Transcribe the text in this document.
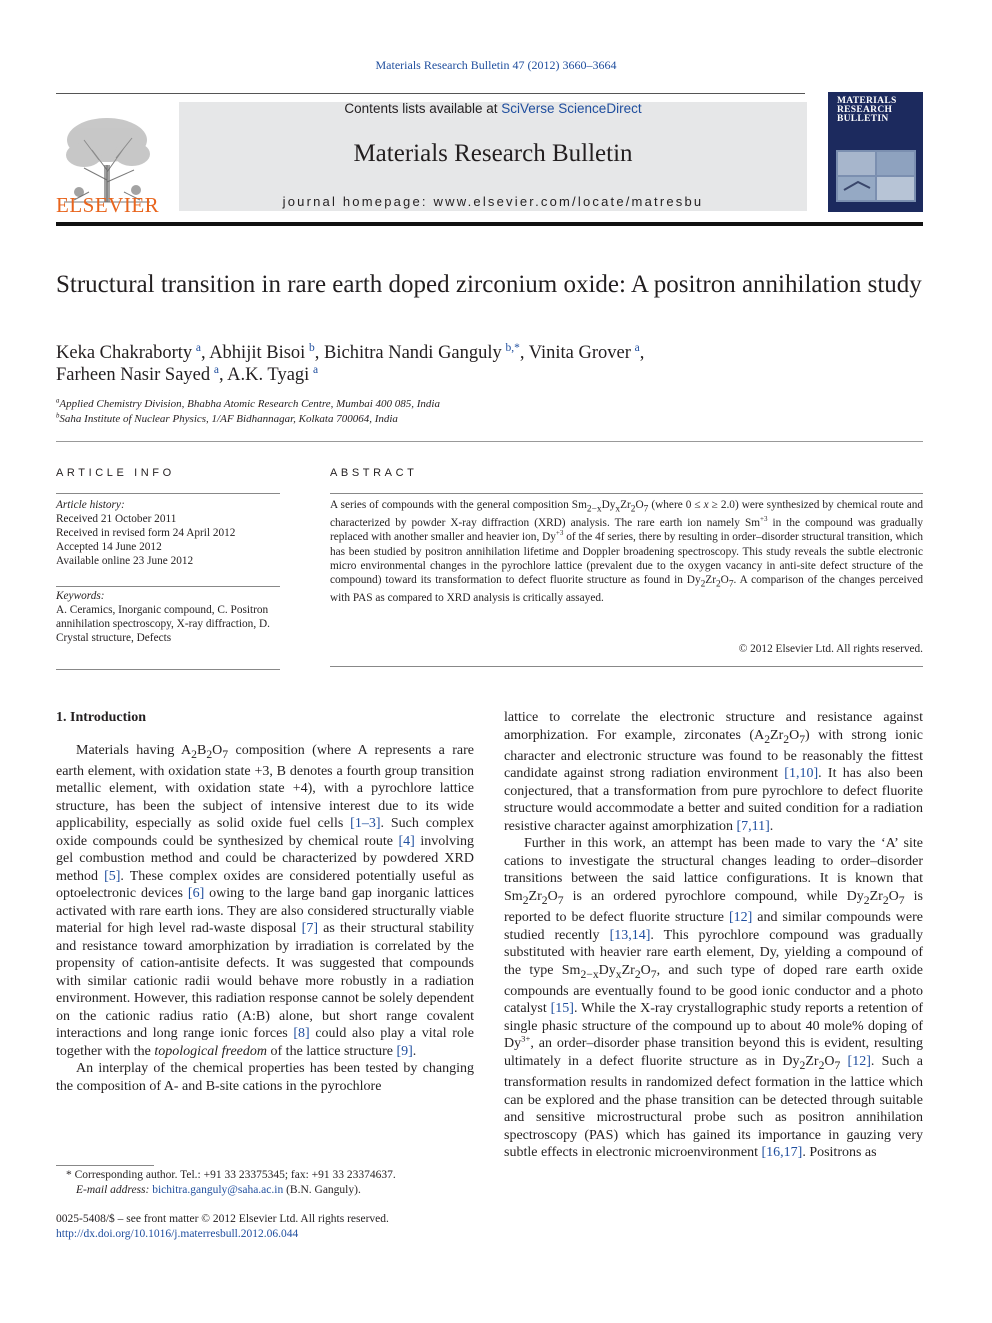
Materials Research Bulletin 47 (2012) 3660–3664
ELSEVIER
Contents lists available at SciVerse ScienceDirect
Materials Research Bulletin
journal homepage: www.elsevier.com/locate/matresbu
MATERIALS RESEARCH BULLETIN
Structural transition in rare earth doped zirconium oxide: A positron annihilation study
Keka Chakraborty  $^a$, Abhijit Bisoi  $^b$, Bichitra Nandi Ganguly  $^{b,*}$, Vinita Grover  $^a$,
Farheen Nasir Sayed  $^a$, A.K. Tyagi  $^a$
$^a$Applied Chemistry Division, Bhabha Atomic Research Centre, Mumbai 400 085, India
$^b$Saha Institute of Nuclear Physics, 1/AF Bidhannagar, Kolkata 700064, India
ARTICLE INFO	ABSTRACT
Article history:
Received 21 October 2011
Received in revised form 24 April 2012
Accepted 14 June 2012
Available online 23 June 2012
Keywords:
A. Ceramics, Inorganic compound, C. Positron annihilation spectroscopy, X-ray diffraction, D. Crystal structure, Defects
A series of compounds with the general composition $Sm_{2-x}Dy_xZr_2O_7$ (where 0 ≤ x ≥ 2.0) were synthesized by chemical route and characterized by powder X-ray diffraction (XRD) analysis. The rare earth ion namely $Sm^{+3}$ in the compound was gradually replaced with another smaller and heavier ion, $Dy^{+3}$ of the 4f series, there by resulting in order–disorder structural transition, which has been studied by positron annihilation lifetime and Doppler broadening spectroscopy. This study reveals the subtle electronic micro environmental changes in the pyrochlore lattice (prevalent due to the oxygen vacancy in anti-site defect structure of the compound) toward its transformation to defect fluorite structure as found in $Dy_2Zr_2O_7$. A comparison of the changes perceived with PAS as compared to XRD analysis is critically assayed.
© 2012 Elsevier Ltd. All rights reserved.
1. Introduction

Materials having $A_2B_2O_7$ composition (where A represents a rare earth element, with oxidation state +3, B denotes a fourth group transition metallic element, with oxidation state +4), with a pyrochlore lattice structure, has been the subject of intensive interest due to its wide applicability, especially as solid oxide fuel cells [1–3]. Such complex oxide compounds could be synthesized by chemical route [4] involving gel combustion method and could be characterized by powdered XRD method [5]. These complex oxides are considered potentially useful as optoelectronic devices [6] owing to the large band gap inorganic lattices activated with rare earth ions. They are also considered structurally viable material for high level rad-waste disposal [7] as their structural stability and resistance toward amorphization by irradiation is correlated by the propensity of cation-antisite defects. It was suggested that compounds with similar cationic radii would behave more robustly in a radiation environment. However, this radiation response cannot be solely dependent on the cationic radius ratio (A:B) alone, but short range covalent interactions and long range ionic forces [8] could also play a vital role together with the topological freedom of the lattice structure [9].

An interplay of the chemical properties has been tested by changing the composition of A- and B-site cations in the pyrochlore

lattice to correlate the electronic structure and resistance against amorphization. For example, zirconates $(A_2Zr_2O_7)$ with strong ionic character and electronic structure was found to be reasonably the fittest candidate against strong radiation environment [1,10]. It has also been conjectured, that a transformation from pure pyrochlore to defect fluorite structure would accommodate a better and suited condition for a radiation resistive character against amorphization [7,11].

Further in this work, an attempt has been made to vary the ‘A’ site cations to investigate the structural changes leading to order–disorder transitions between the said lattice configurations. It is known that $Sm_2Zr_2O_7$ is an ordered pyrochlore compound, while $Dy_2Zr_2O_7$ is reported to be defect fluorite structure [12] and similar compounds were studied recently [13,14]. This pyrochlore compound was gradually substituted with heavier rare earth element, Dy, yielding a compound of the type $Sm_{2-x}Dy_xZr_2O_7$, and such type of doped rare earth oxide compounds are eventually found to be good ionic conductor and a photo catalyst [15]. While the X-ray crystallographic study reports a retention of single phasic structure of the compound up to about 40 mole% doping of $Dy^{3+}$, an order–disorder phase transition beyond this is evident, resulting ultimately in a defect fluorite structure as in $Dy_2Zr_2O_7$ [12]. Such a transformation results in randomized defect formation in the lattice which can be explored and the phase transition can be detected through suitable and sensitive microstructural probe such as positron annihilation spectroscopy (PAS) which has gained its importance in gauzing very subtle effects in electronic microenvironment [16,17]. Positrons as

* Corresponding author. Tel.: +91 33 23375345; fax: +91 33 23374637.
E-mail address: bichitra.ganguly@saha.ac.in (B.N. Ganguly).
0025-5408/$ – see front matter © 2012 Elsevier Ltd. All rights reserved.
http://dx.doi.org/10.1016/j.materresbull.2012.06.044
